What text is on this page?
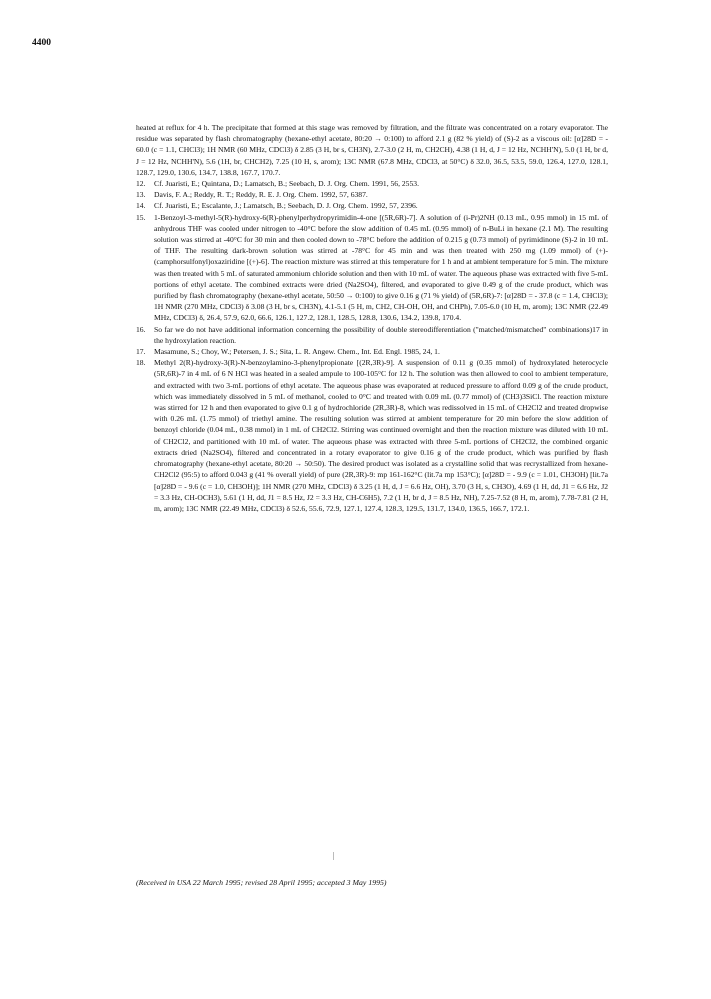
4400

heated at reflux for 4 h. The precipitate that formed at this stage was removed by filtration, and the filtrate was concentrated on a rotary evaporator. The residue was separated by flash chromatography (hexane-ethyl acetate, 80:20 → 0:100) to afford 2.1 g (82 % yield) of (S)-2 as a viscous oil: [α]28D = - 60.0 (c = 1.1, CHCl3); 1H NMR (60 MHz, CDCl3) δ 2.85 (3 H, br s, CH3N), 2.7-3.0 (2 H, m, CH2CH), 4.38 (1 H, d, J = 12 Hz, NCHH'N), 5.0 (1 H, br d, J = 12 Hz, NCHH'N), 5.6 (1H, br, CHCH2), 7.25 (10 H, s, arom); 13C NMR (67.8 MHz, CDCl3, at 50°C) δ 32.0, 36.5, 53.5, 59.0, 126.4, 127.0, 128.1, 128.7, 129.0, 130.6, 134.7, 138.8, 167.7, 170.7.

12. Cf. Juaristi, E.; Quintana, D.; Lamatsch, B.; Seebach, D. J. Org. Chem. 1991, 56, 2553.

13. Davis, F. A.; Reddy, R. T.; Reddy, R. E. J. Org. Chem. 1992, 57, 6387.

14. Cf. Juaristi, E.; Escalante, J.; Lamatsch, B.; Seebach, D. J. Org. Chem. 1992, 57, 2396.

15. 1-Benzoyl-3-methyl-5(R)-hydroxy-6(R)-phenylperhydropyrimidin-4-one [(5R,6R)-7]. A solution of (i-Pr)2NH (0.13 mL, 0.95 mmol) in 15 mL of anhydrous THF was cooled under nitrogen to -40°C before the slow addition of 0.45 mL (0.95 mmol) of n-BuLi in hexane (2.1 M). The resulting solution was stirred at -40°C for 30 min and then cooled down to -78°C before the addition of 0.215 g (0.73 mmol) of pyrimidinone (S)-2 in 10 mL of THF. The resulting dark-brown solution was stirred at -78°C for 45 min and was then treated with 250 mg (1.09 mmol) of (+)-(camphorsulfonyl)oxaziridine [(+)-6]. The reaction mixture was stirred at this temperature for 1 h and at ambient temperature for 5 min. The mixture was then treated with 5 mL of saturated ammonium chloride solution and then with 10 mL of water. The aqueous phase was extracted with five 5-mL portions of ethyl acetate. The combined extracts were dried (Na2SO4), filtered, and evaporated to give 0.49 g of the crude product, which was purified by flash chromatography (hexane-ethyl acetate, 50:50 → 0:100) to give 0.16 g (71 % yield) of (5R,6R)-7: [α]28D = - 37.8 (c = 1.4, CHCl3); 1H NMR (270 MHz, CDCl3) δ 3.08 (3 H, br s, CH3N), 4.1-5.1 (5 H, m, CH2, CH-OH, OH, and CHPh), 7.05-6.0 (10 H, m, arom); 13C NMR (22.49 MHz, CDCl3) δ, 26.4, 57.9, 62.0, 66.6, 126.1, 127.2, 128.1, 128.5, 128.8, 130.6, 134.2, 139.8, 170.4.

16. So far we do not have additional information concerning the possibility of double stereodifferentiation ("matched/mismatched" combinations)17 in the hydroxylation reaction.

17. Masamune, S.; Choy, W.; Petersen, J. S.; Sita, L. R. Angew. Chem., Int. Ed. Engl. 1985, 24, 1.

18. Methyl 2(R)-hydroxy-3(R)-N-benzoylamino-3-phenylpropionate [(2R,3R)-9]. A suspension of 0.11 g (0.35 mmol) of hydroxylated heterocycle (5R,6R)-7 in 4 mL of 6 N HCl was heated in a sealed ampule to 100-105°C for 12 h. The solution was then allowed to cool to ambient temperature, and extracted with two 3-mL portions of ethyl acetate. The aqueous phase was evaporated at reduced pressure to afford 0.09 g of the crude product, which was immediately dissolved in 5 mL of methanol, cooled to 0°C and treated with 0.09 mL (0.77 mmol) of (CH3)3SiCl. The reaction mixture was stirred for 12 h and then evaporated to give 0.1 g of hydrochloride (2R,3R)-8, which was redissolved in 15 mL of CH2Cl2 and treated dropwise with 0.26 mL (1.75 mmol) of triethyl amine. The resulting solution was stirred at ambient temperature for 20 min before the slow addition of benzoyl chloride (0.04 mL, 0.38 mmol) in 1 mL of CH2Cl2. Stirring was continued overnight and then the reaction mixture was diluted with 10 mL of CH2Cl2, and partitioned with 10 mL of water. The aqueous phase was extracted with three 5-mL portions of CH2Cl2, the combined organic extracts dried (Na2SO4), filtered and concentrated in a rotary evaporator to give 0.16 g of the crude product, which was purified by flash chromatography (hexane-ethyl acetate, 80:20 → 50:50). The desired product was isolated as a crystalline solid that was recrystallized from hexane-CH2Cl2 (95:5) to afford 0.043 g (41 % overall yield) of pure (2R,3R)-9: mp 161-162°C (lit.7a mp 153°C); [α]28D = - 9.9 (c = 1.01, CH3OH) [lit.7a [α]28D = - 9.6 (c = 1.0, CH3OH)]; 1H NMR (270 MHz, CDCl3) δ 3.25 (1 H, d, J = 6.6 Hz, OH), 3.70 (3 H, s, CH3O), 4.69 (1 H, dd, J1 = 6.6 Hz, J2 = 3.3 Hz, CH-OCH3), 5.61 (1 H, dd, J1 = 8.5 Hz, J2 = 3.3 Hz, CH-C6H5), 7.2 (1 H, br d, J = 8.5 Hz, NH), 7.25-7.52 (8 H, m, arom), 7.78-7.81 (2 H, m, arom); 13C NMR (22.49 MHz, CDCl3) δ 52.6, 55.6, 72.9, 127.1, 127.4, 128.3, 129.5, 131.7, 134.0, 136.5, 166.7, 172.1.

(Received in USA 22 March 1995; revised 28 April 1995; accepted 3 May 1995)
